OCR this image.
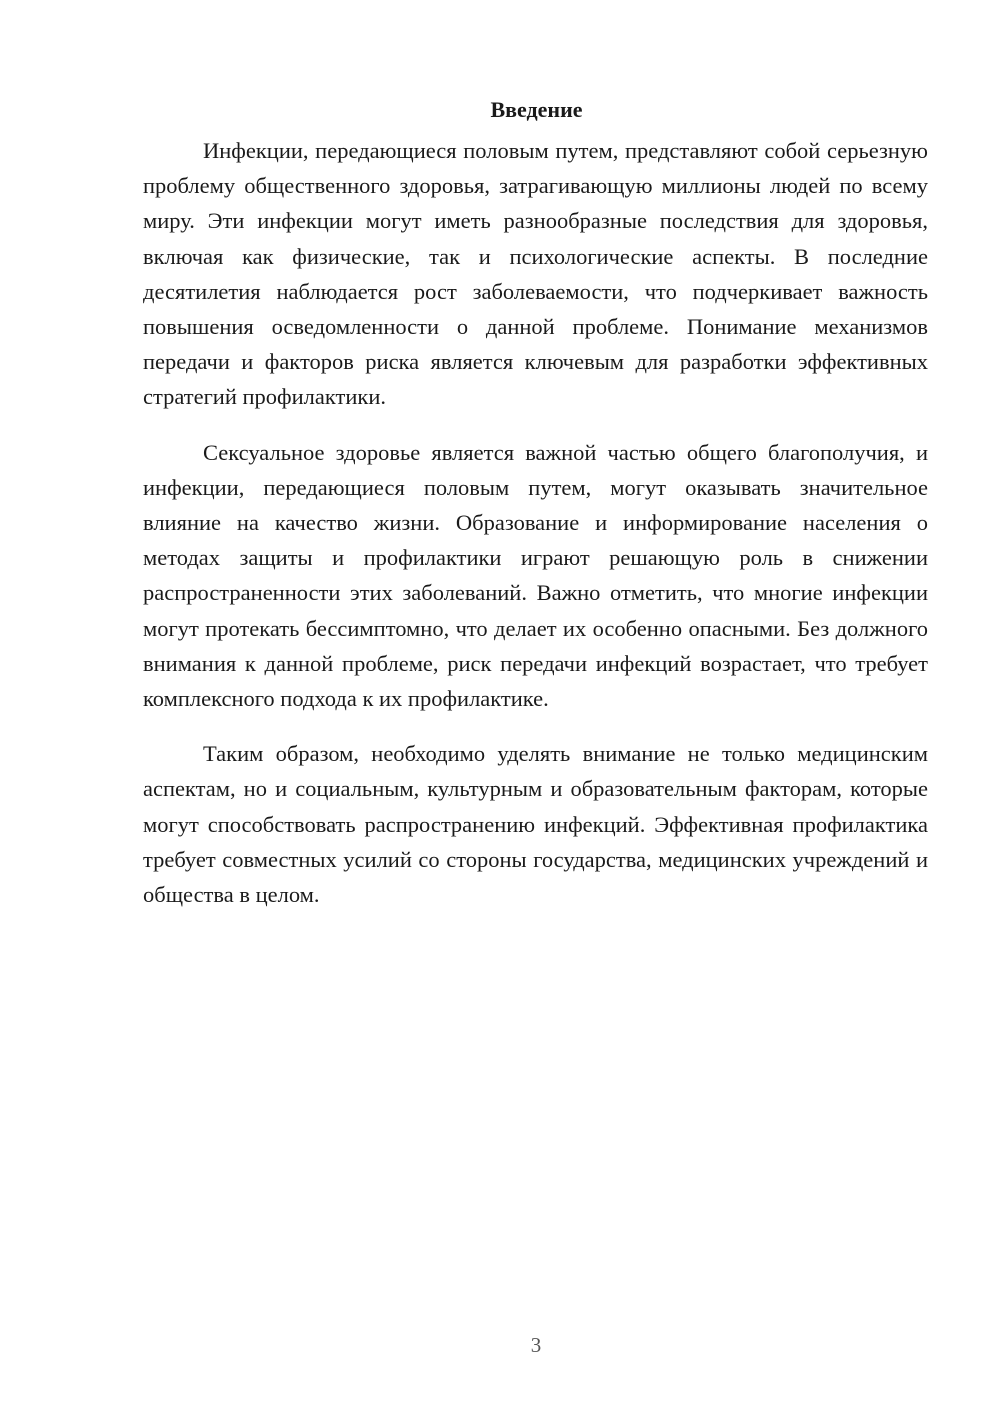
Введение

Инфекции, передающиеся половым путем, представляют собой серьезную проблему общественного здоровья, затрагивающую миллионы людей по всему миру. Эти инфекции могут иметь разнообразные последствия для здоровья, включая как физические, так и психологические аспекты. В последние десятилетия наблюдается рост заболеваемости, что подчеркивает важность повышения осведомленности о данной проблеме. Понимание механизмов передачи и факторов риска является ключевым для разработки эффективных стратегий профилактики.

Сексуальное здоровье является важной частью общего благополучия, и инфекции, передающиеся половым путем, могут оказывать значительное влияние на качество жизни. Образование и информирование населения о методах защиты и профилактики играют решающую роль в снижении распространенности этих заболеваний. Важно отметить, что многие инфекции могут протекать бессимптомно, что делает их особенно опасными. Без должного внимания к данной проблеме, риск передачи инфекций возрастает, что требует комплексного подхода к их профилактике.

Таким образом, необходимо уделять внимание не только медицинским аспектам, но и социальным, культурным и образовательным факторам, которые могут способствовать распространению инфекций. Эффективная профилактика требует совместных усилий со стороны государства, медицинских учреждений и общества в целом.

3
